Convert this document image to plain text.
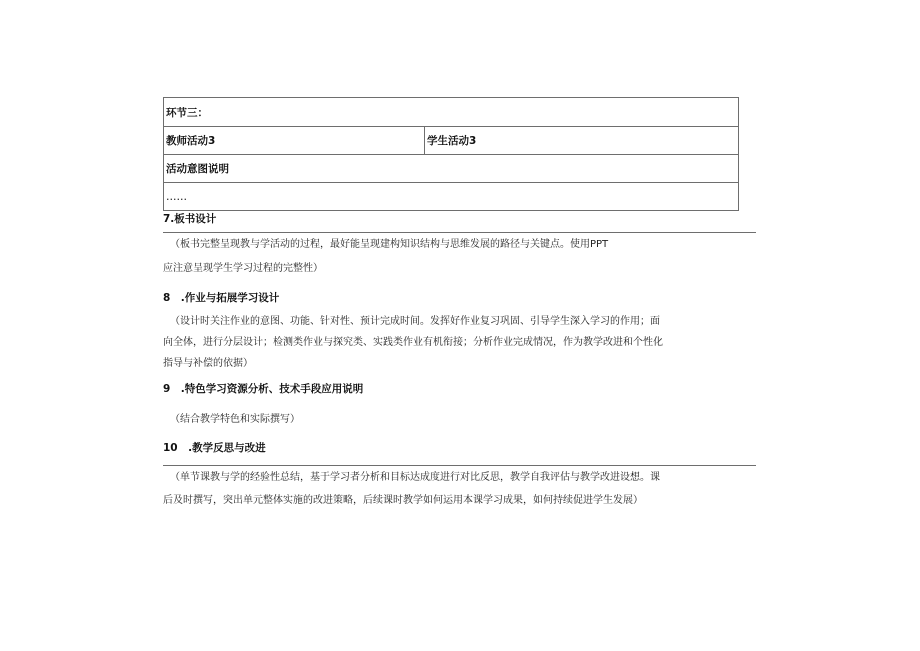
环节三：
教师活动3	学生活动3
活动意图说明
……
7.板书设计
（板书完整呈现教与学活动的过程，最好能呈现建构知识结构与思维发展的路径与关键点。使用PPT
应注意呈现学生学习过程的完整性）
8　.作业与拓展学习设计
（设计时关注作业的意图、功能、针对性、预计完成时间。发挥好作业复习巩固、引导学生深入学习的作用；面
向全体，进行分层设计；检测类作业与探究类、实践类作业有机衔接；分析作业完成情况，作为教学改进和个性化
指导与补偿的依据）
9　.特色学习资源分析、技术手段应用说明
（结合教学特色和实际撰写）
10　.教学反思与改进
（单节课教与学的经验性总结，基于学习者分析和目标达成度进行对比反思，教学自我评估与教学改进设想。课
后及时撰写，突出单元整体实施的改进策略，后续课时教学如何运用本课学习成果，如何持续促进学生发展）
